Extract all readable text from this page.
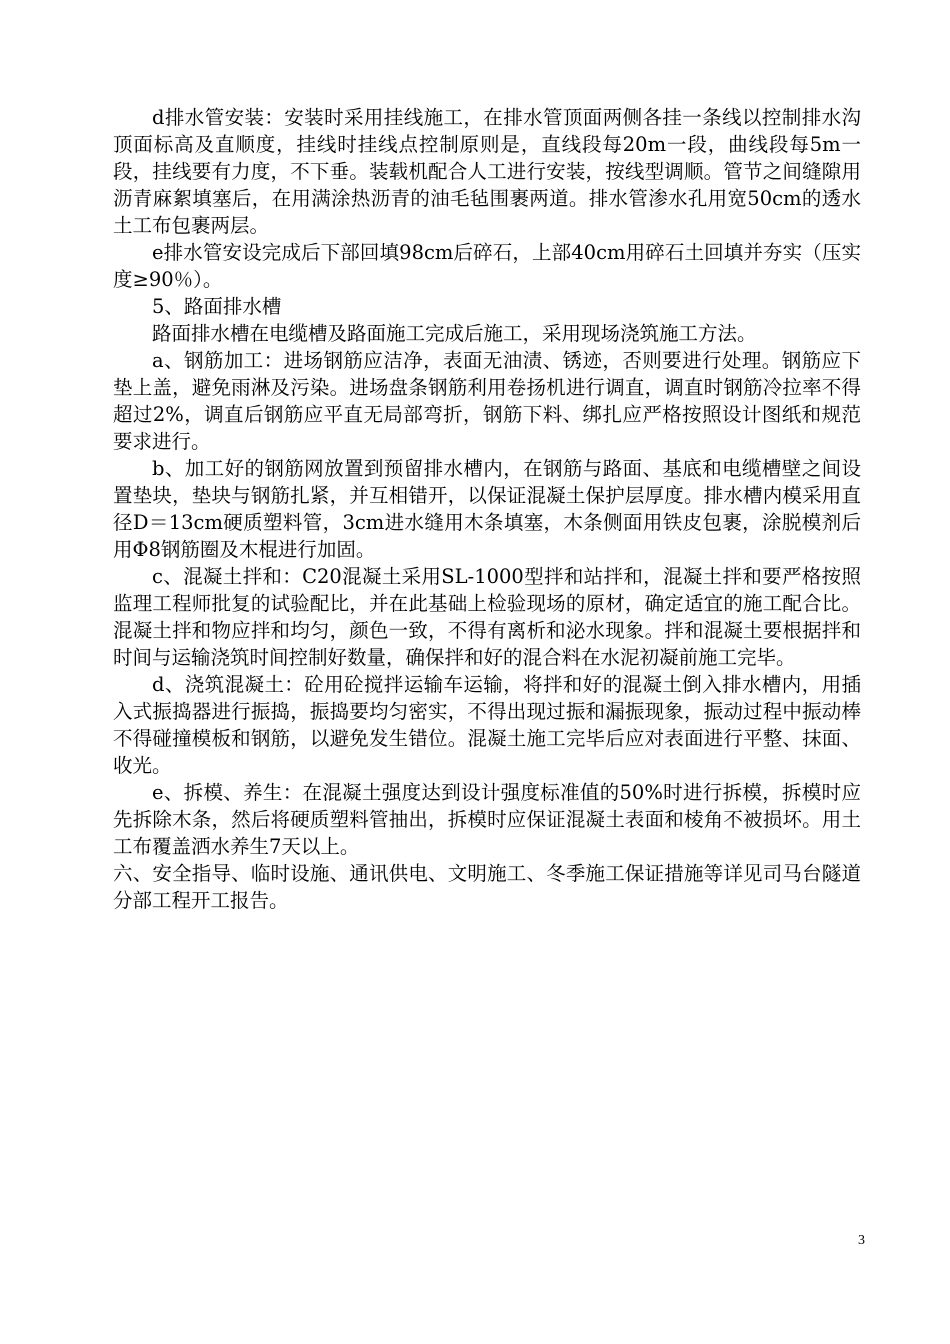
d排水管安装：安装时采用挂线施工，在排水管顶面两侧各挂一条线以控制排水沟顶面标高及直顺度，挂线时挂线点控制原则是，直线段每20m一段，曲线段每5m一段，挂线要有力度，不下垂。装载机配合人工进行安装，按线型调顺。管节之间缝隙用沥青麻絮填塞后，在用满涂热沥青的油毛毡围裹两道。排水管渗水孔用宽50cm的透水土工布包裹两层。

e排水管安设完成后下部回填98cm后碎石，上部40cm用碎石土回填并夯实（压实度≥90％）。

5、路面排水槽

路面排水槽在电缆槽及路面施工完成后施工，采用现场浇筑施工方法。

a、钢筋加工：进场钢筋应洁净，表面无油渍、锈迹，否则要进行处理。钢筋应下垫上盖，避免雨淋及污染。进场盘条钢筋利用卷扬机进行调直，调直时钢筋冷拉率不得超过2%，调直后钢筋应平直无局部弯折，钢筋下料、绑扎应严格按照设计图纸和规范要求进行。

b、加工好的钢筋网放置到预留排水槽内，在钢筋与路面、基底和电缆槽壁之间设置垫块，垫块与钢筋扎紧，并互相错开，以保证混凝土保护层厚度。排水槽内模采用直径D＝13cm硬质塑料管，3cm进水缝用木条填塞，木条侧面用铁皮包裹，涂脱模剂后用Φ8钢筋圈及木棍进行加固。

c、混凝土拌和：C20混凝土采用SL-1000型拌和站拌和，混凝土拌和要严格按照监理工程师批复的试验配比，并在此基础上检验现场的原材，确定适宜的施工配合比。混凝土拌和物应拌和均匀，颜色一致，不得有离析和泌水现象。拌和混凝土要根据拌和时间与运输浇筑时间控制好数量，确保拌和好的混合料在水泥初凝前施工完毕。

d、浇筑混凝土：砼用砼搅拌运输车运输，将拌和好的混凝土倒入排水槽内，用插入式振捣器进行振捣，振捣要均匀密实，不得出现过振和漏振现象，振动过程中振动棒不得碰撞模板和钢筋，以避免发生错位。混凝土施工完毕后应对表面进行平整、抹面、收光。

e、拆模、养生：在混凝土强度达到设计强度标准值的50%时进行拆模，拆模时应先拆除木条，然后将硬质塑料管抽出，拆模时应保证混凝土表面和棱角不被损坏。用土工布覆盖洒水养生7天以上。

六、安全指导、临时设施、通讯供电、文明施工、冬季施工保证措施等详见司马台隧道分部工程开工报告。

3
